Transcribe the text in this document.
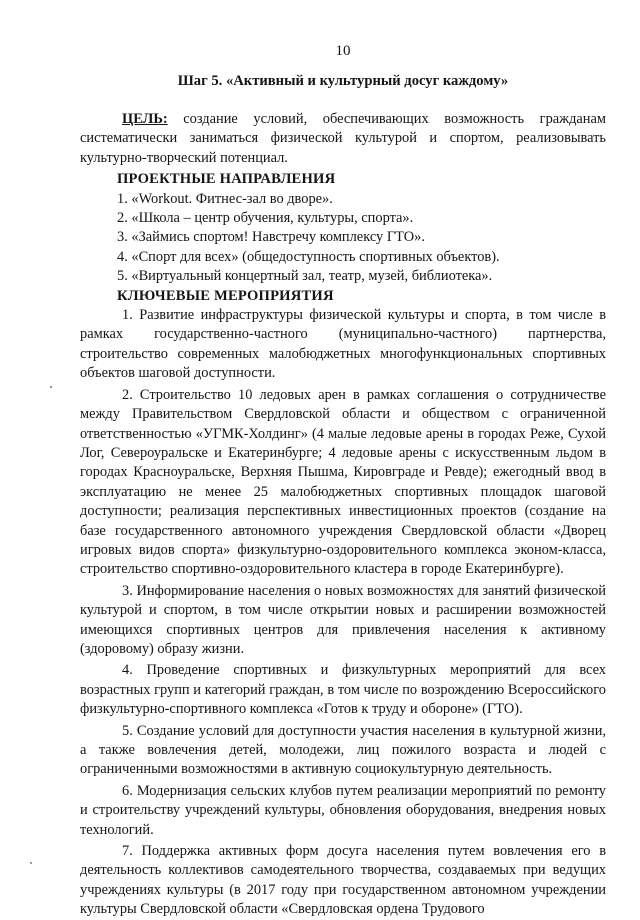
10
Шаг 5. «Активный и культурный досуг каждому»

ЦЕЛЬ: создание условий, обеспечивающих возможность гражданам систематически заниматься физической культурой и спортом, реализовывать культурно-творческий потенциал.

ПРОЕКТНЫЕ НАПРАВЛЕНИЯ
1. «Workout. Фитнес-зал во дворе».
2. «Школа – центр обучения, культуры, спорта».
3. «Займись спортом! Навстречу комплексу ГТО».
4. «Спорт для всех» (общедоступность спортивных объектов).
5. «Виртуальный концертный зал, театр, музей, библиотека».
КЛЮЧЕВЫЕ МЕРОПРИЯТИЯ

1. Развитие инфраструктуры физической культуры и спорта, в том числе в рамках государственно-частного (муниципально-частного) партнерства, строительство современных малобюджетных многофункциональных спортивных объектов шаговой доступности.

2. Строительство 10 ледовых арен в рамках соглашения о сотрудничестве между Правительством Свердловской области и обществом с ограниченной ответственностью «УГМК-Холдинг» (4 малые ледовые арены в городах Реже, Сухой Лог, Североуральске и Екатеринбурге; 4 ледовые арены с искусственным льдом в городах Красноуральске, Верхняя Пышма, Кировграде и Ревде); ежегодный ввод в эксплуатацию не менее 25 малобюджетных спортивных площадок шаговой доступности; реализация перспективных инвестиционных проектов (создание на базе государственного автономного учреждения Свердловской области «Дворец игровых видов спорта» физкультурно-оздоровительного комплекса эконом-класса, строительство спортивно-оздоровительного кластера в городе Екатеринбурге).

3. Информирование населения о новых возможностях для занятий физической культурой и спортом, в том числе открытии новых и расширении возможностей имеющихся спортивных центров для привлечения населения к активному (здоровому) образу жизни.

4. Проведение спортивных и физкультурных мероприятий для всех возрастных групп и категорий граждан, в том числе по возрождению Всероссийского физкультурно-спортивного комплекса «Готов к труду и обороне» (ГТО).

5. Создание условий для доступности участия населения в культурной жизни, а также вовлечения детей, молодежи, лиц пожилого возраста и людей с ограниченными возможностями в активную социокультурную деятельность.

6. Модернизация сельских клубов путем реализации мероприятий по ремонту и строительству учреждений культуры, обновления оборудования, внедрения новых технологий.

7. Поддержка активных форм досуга населения путем вовлечения его в деятельность коллективов самодеятельного творчества, создаваемых при ведущих учреждениях культуры (в 2017 году при государственном автономном учреждении культуры Свердловской области «Свердловская ордена Трудового
